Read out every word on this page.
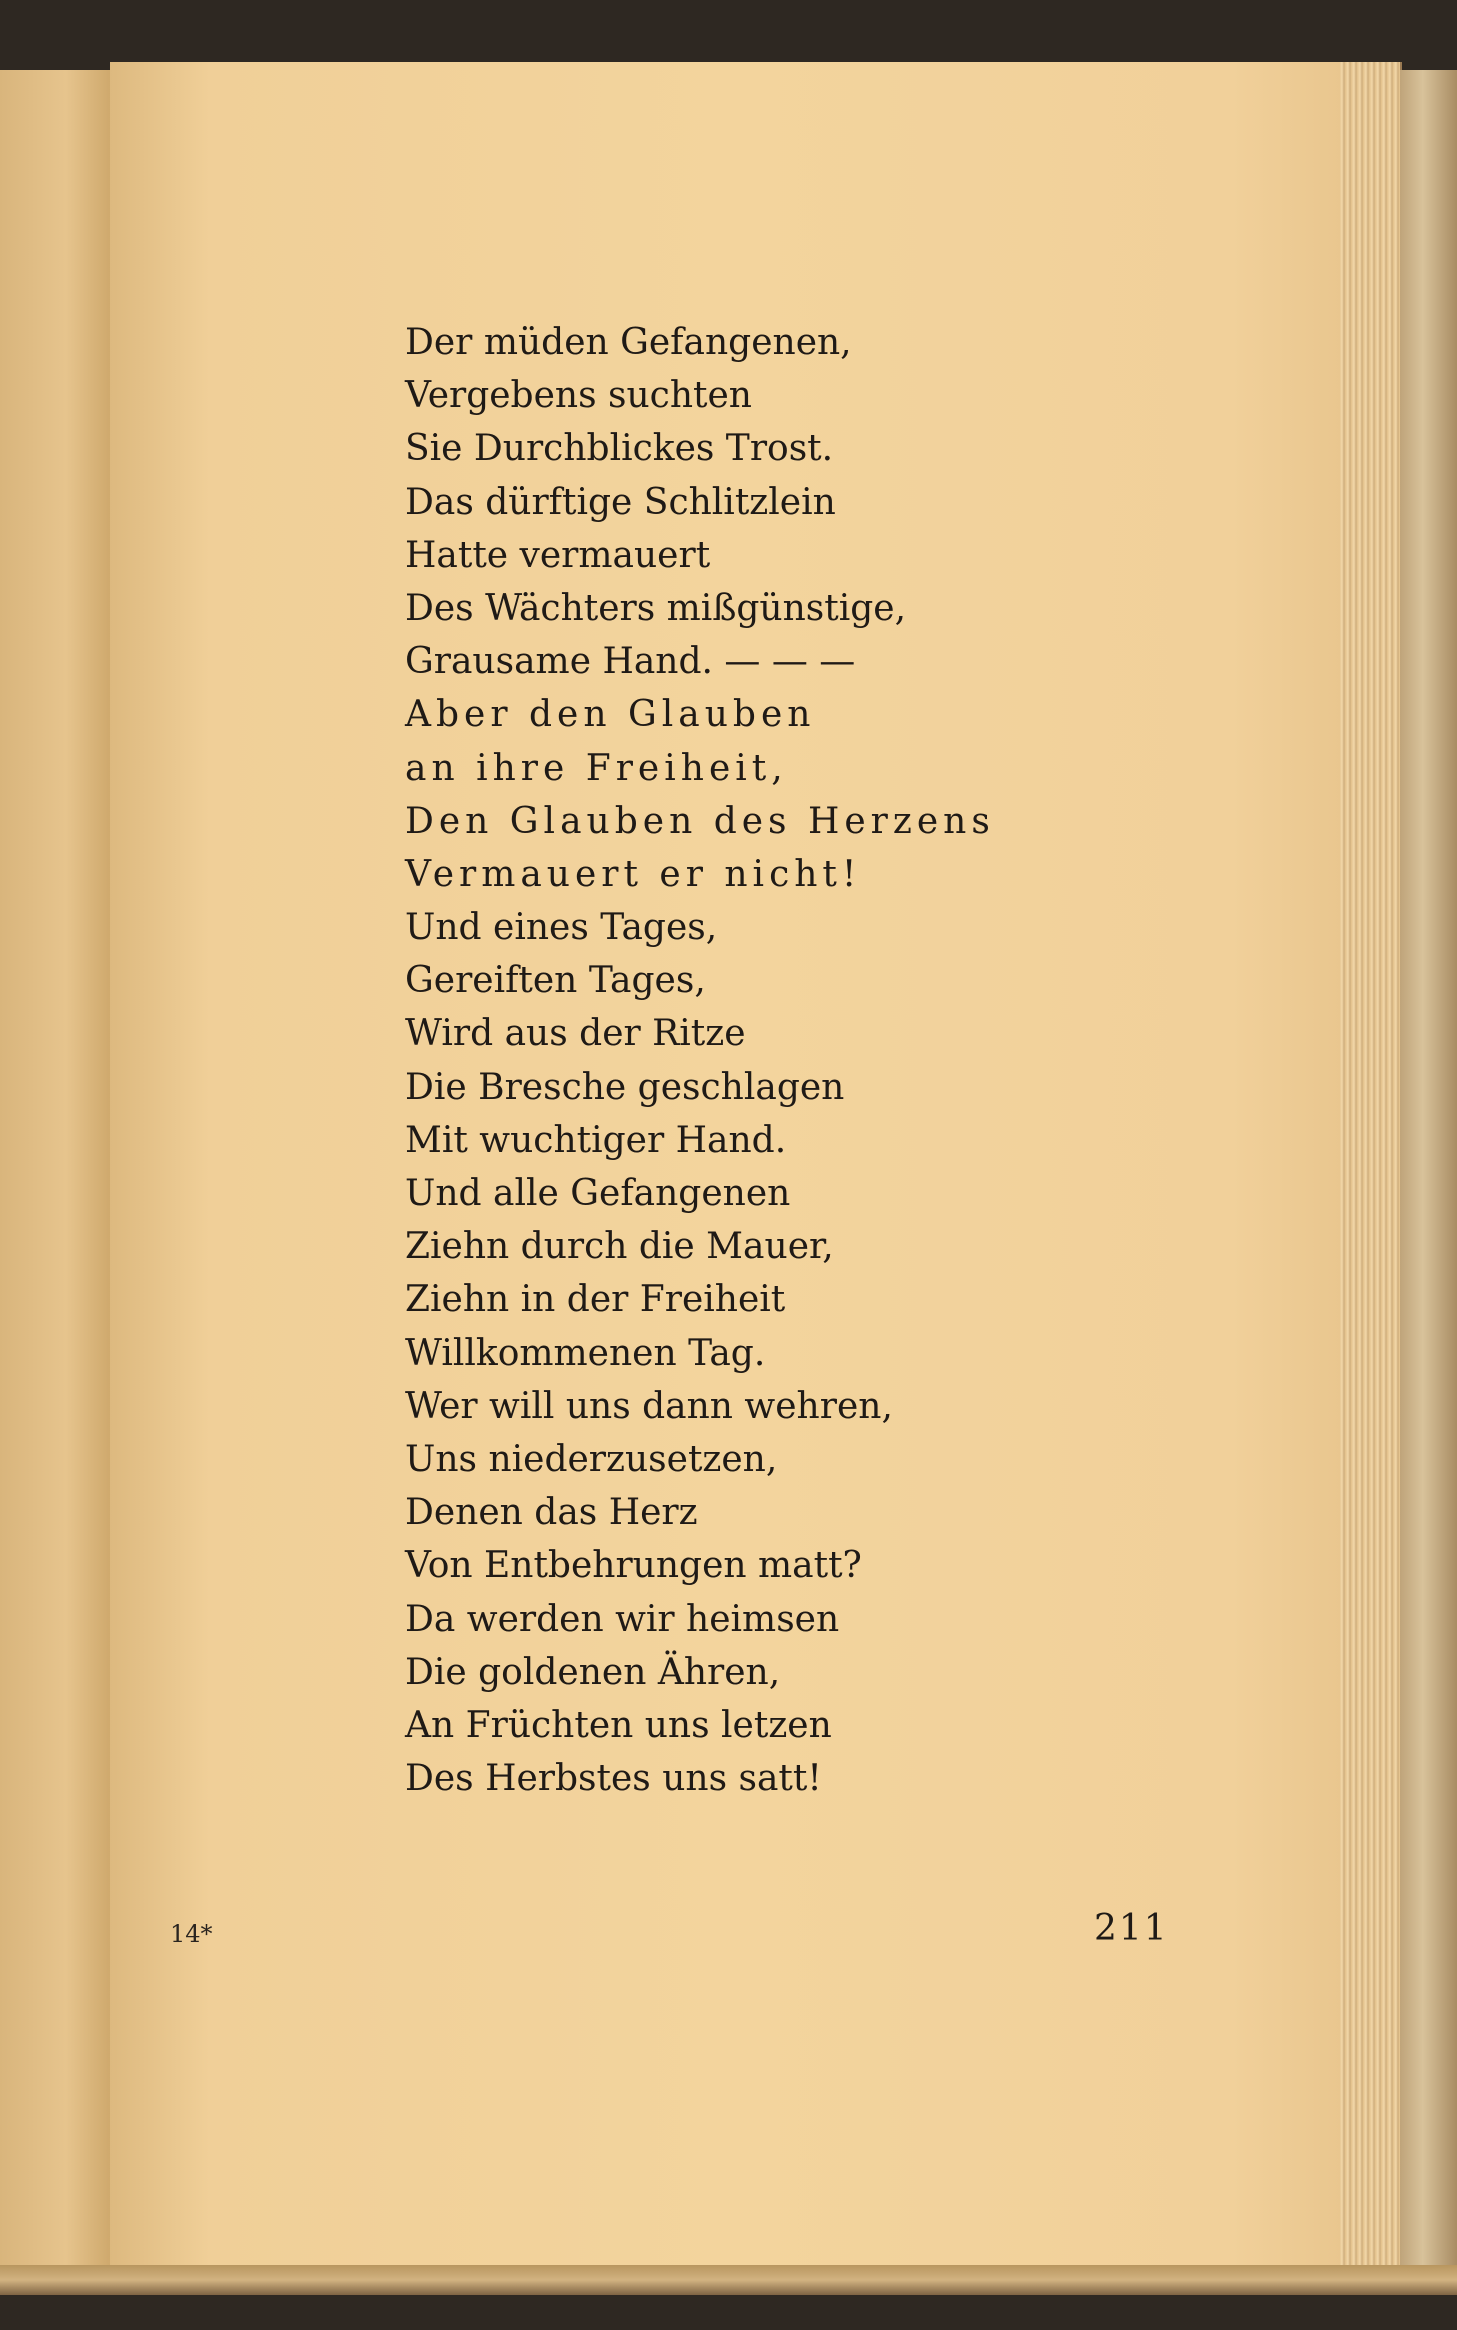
Der müden Gefangenen,
Vergebens suchten
Sie Durchblickes Trost.
Das dürftige Schlitzlein
Hatte vermauert
Des Wächters mißgünstige,
Grausame Hand. — — —
Aber den Glauben
an ihre Freiheit,
Den Glauben des Herzens
Vermauert er nicht!
Und eines Tages,
Gereiften Tages,
Wird aus der Ritze
Die Bresche geschlagen
Mit wuchtiger Hand.
Und alle Gefangenen
Ziehn durch die Mauer,
Ziehn in der Freiheit
Willkommenen Tag.
Wer will uns dann wehren,
Uns niederzusetzen,
Denen das Herz
Von Entbehrungen matt?
Da werden wir heimsen
Die goldenen Ähren,
An Früchten uns letzen
Des Herbstes uns satt!
14*	211
